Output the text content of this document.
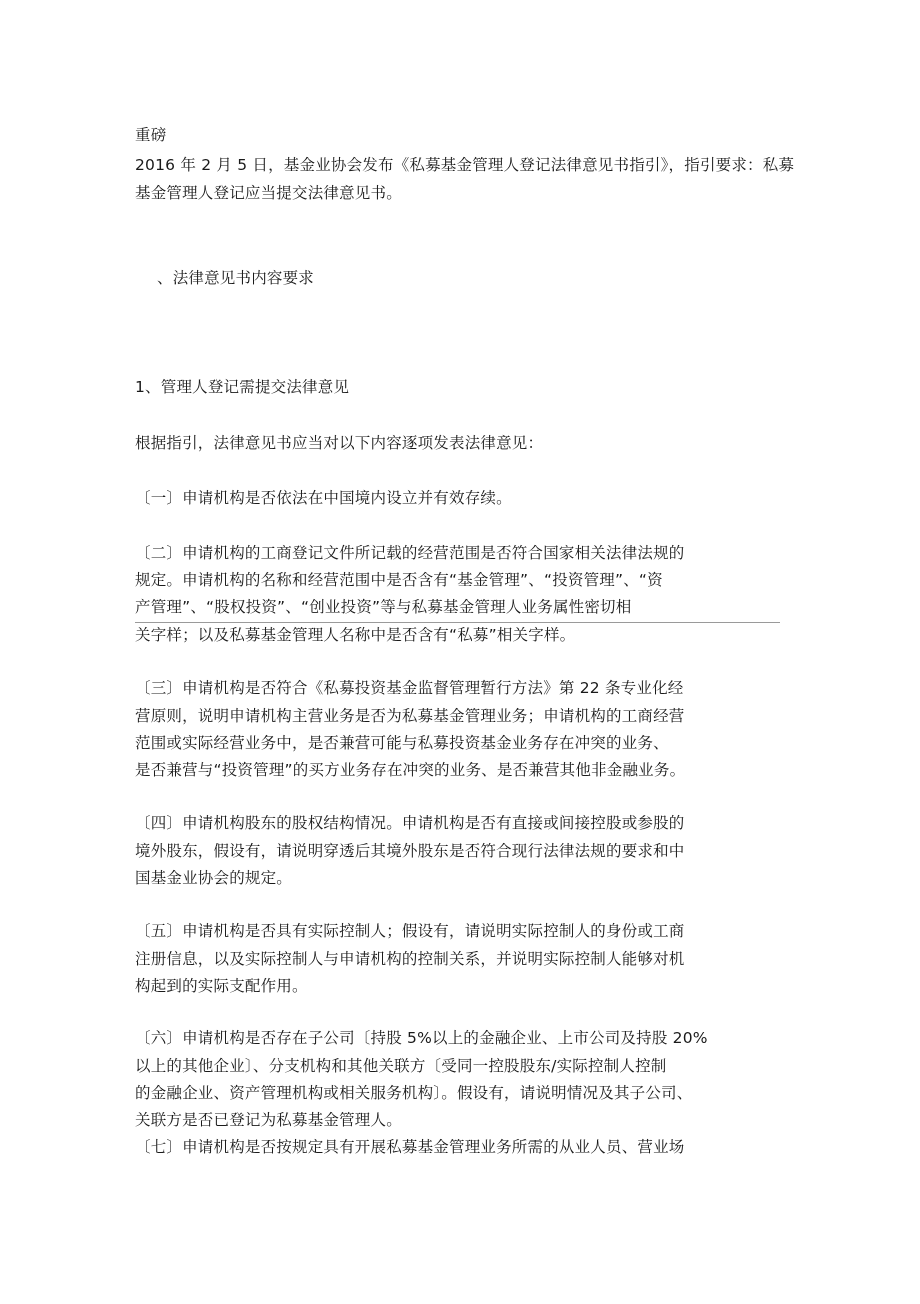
重磅
2016 年 2 月 5 日，基金业协会发布《私募基金管理人登记法律意见书指引》，指引要求：私募
基金管理人登记应当提交法律意见书。
、法律意见书内容要求
1、管理人登记需提交法律意见
根据指引，法律意见书应当对以下内容逐项发表法律意见：
〔一〕申请机构是否依法在中国境内设立并有效存续。
〔二〕申请机构的工商登记文件所记载的经营范围是否符合国家相关法律法规的
规定。申请机构的名称和经营范围中是否含有“基金管理”、“投资管理”、“资
产管理”、“股权投资”、“创业投资”等与私募基金管理人业务属性密切相
关字样；以及私募基金管理人名称中是否含有“私募”相关字样。
〔三〕申请机构是否符合《私募投资基金监督管理暂行方法》第 22 条专业化经
营原则，说明申请机构主营业务是否为私募基金管理业务；申请机构的工商经营
范围或实际经营业务中，是否兼营可能与私募投资基金业务存在冲突的业务、
是否兼营与“投资管理”的买方业务存在冲突的业务、是否兼营其他非金融业务。
〔四〕申请机构股东的股权结构情况。申请机构是否有直接或间接控股或参股的
境外股东，假设有，请说明穿透后其境外股东是否符合现行法律法规的要求和中
国基金业协会的规定。
〔五〕申请机构是否具有实际控制人；假设有，请说明实际控制人的身份或工商
注册信息，以及实际控制人与申请机构的控制关系，并说明实际控制人能够对机
构起到的实际支配作用。
〔六〕申请机构是否存在子公司〔持股 5%以上的金融企业、上市公司及持股 20%
以上的其他企业〕、分支机构和其他关联方〔受同一控股股东/实际控制人控制
的金融企业、资产管理机构或相关服务机构〕。假设有，请说明情况及其子公司、
关联方是否已登记为私募基金管理人。
〔七〕申请机构是否按规定具有开展私募基金管理业务所需的从业人员、营业场
